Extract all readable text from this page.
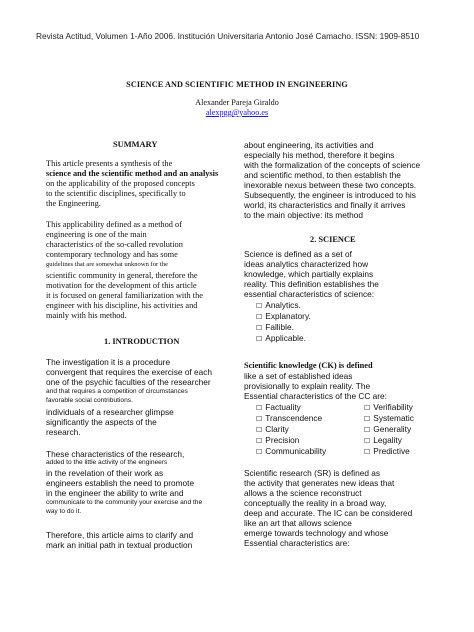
Revista Actitud, Volumen 1-Año 2006. Institución Universitaria Antonio José Camacho. ISSN: 1909-8510
SCIENCE AND SCIENTIFIC METHOD IN ENGINEERING
Alexander Pareja Giraldo
alexpgg@yahoo.es
SUMMARY
This article presents a synthesis of the
science and the scientific method and an analysis
on the applicability of the proposed concepts
to the scientific disciplines, specifically to
the Engineering.
This applicability defined as a method of
engineering is one of the main
characteristics of the so-called revolution
contemporary technology and has some
guidelines that are somewhat unknown for the
scientific community in general, therefore the
motivation for the development of this article
it is focused on general familiarization with the
engineer with his discipline, his activities and
mainly with his method.
1. INTRODUCTION
The investigation it is a procedure
convergent that requires the exercise of each
one of the psychic faculties of the researcher
and that requires a competition of circumstances
favorable social contributions.
individuals of a researcher glimpse
significantly the aspects of the
research.
These characteristics of the research,
added to the little activity of the engineers
in the revelation of their work as
engineers establish the need to promote
in the engineer the ability to write and
communicate to the community your exercise and the
way to do it.
Therefore, this article aims to clarify and
mark an initial path in textual production
about engineering, its activities and
especially his method, therefore it begins
with the formalization of the concepts of science
and scientific method, to then establish the
inexorable nexus between these two concepts.
Subsequently, the engineer is introduced to his
world, its characteristics and finally it arrives
to the main objective: its method
2. SCIENCE
Science is defined as a set of
ideas analytics characterized how
knowledge, which partially explains
reality. This definition establishes the
essential characteristics of science:
☐ Analytics.
☐ Explanatory.
☐ Fallible.
☐ Applicable.
Scientific knowledge (CK) is defined
like a set of established ideas
provisionally to explain reality. The
Essential characteristics of the CC are:
☐ Factuality
☐ Transcendence
☐ Clarity
☐ Precision
☐ Communicability
☐ Verifiability
☐ Systematic
☐ Generality
☐ Legality
☐ Predictive
Scientific research (SR) is defined as
the activity that generates new ideas that
allows a the science reconstruct
conceptually the reality in a broad way,
deep and accurate. The IC can be considered
like an art that allows science
emerge towards technology and whose
Essential characteristics are:
